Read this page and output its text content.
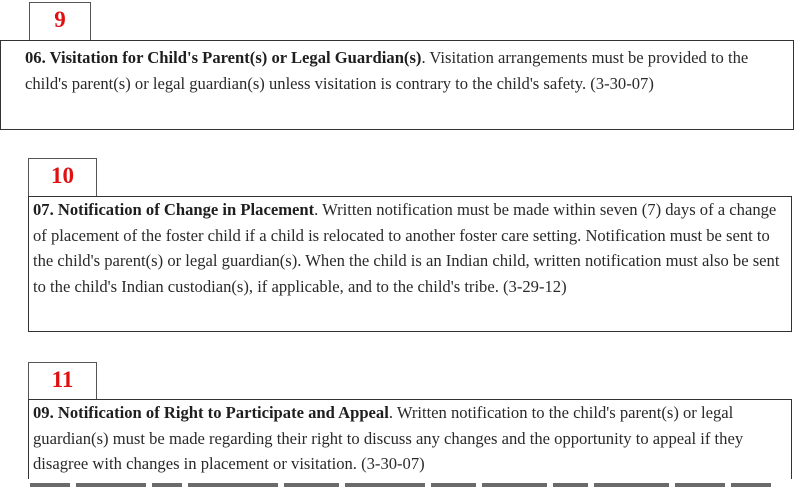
9

06. Visitation for Child's Parent(s) or Legal Guardian(s). Visitation arrangements must be provided to the child's parent(s) or legal guardian(s) unless visitation is contrary to the child's safety. (3-30-07)

10

07. Notification of Change in Placement. Written notification must be made within seven (7) days of a change of placement of the foster child if a child is relocated to another foster care setting. Notification must be sent to the child's parent(s) or legal guardian(s). When the child is an Indian child, written notification must also be sent to the child's Indian custodian(s), if applicable, and to the child's tribe. (3-29-12)

11

09. Notification of Right to Participate and Appeal. Written notification to the child's parent(s) or legal guardian(s) must be made regarding their right to discuss any changes and the opportunity to appeal if they disagree with changes in placement or visitation. (3-30-07)
